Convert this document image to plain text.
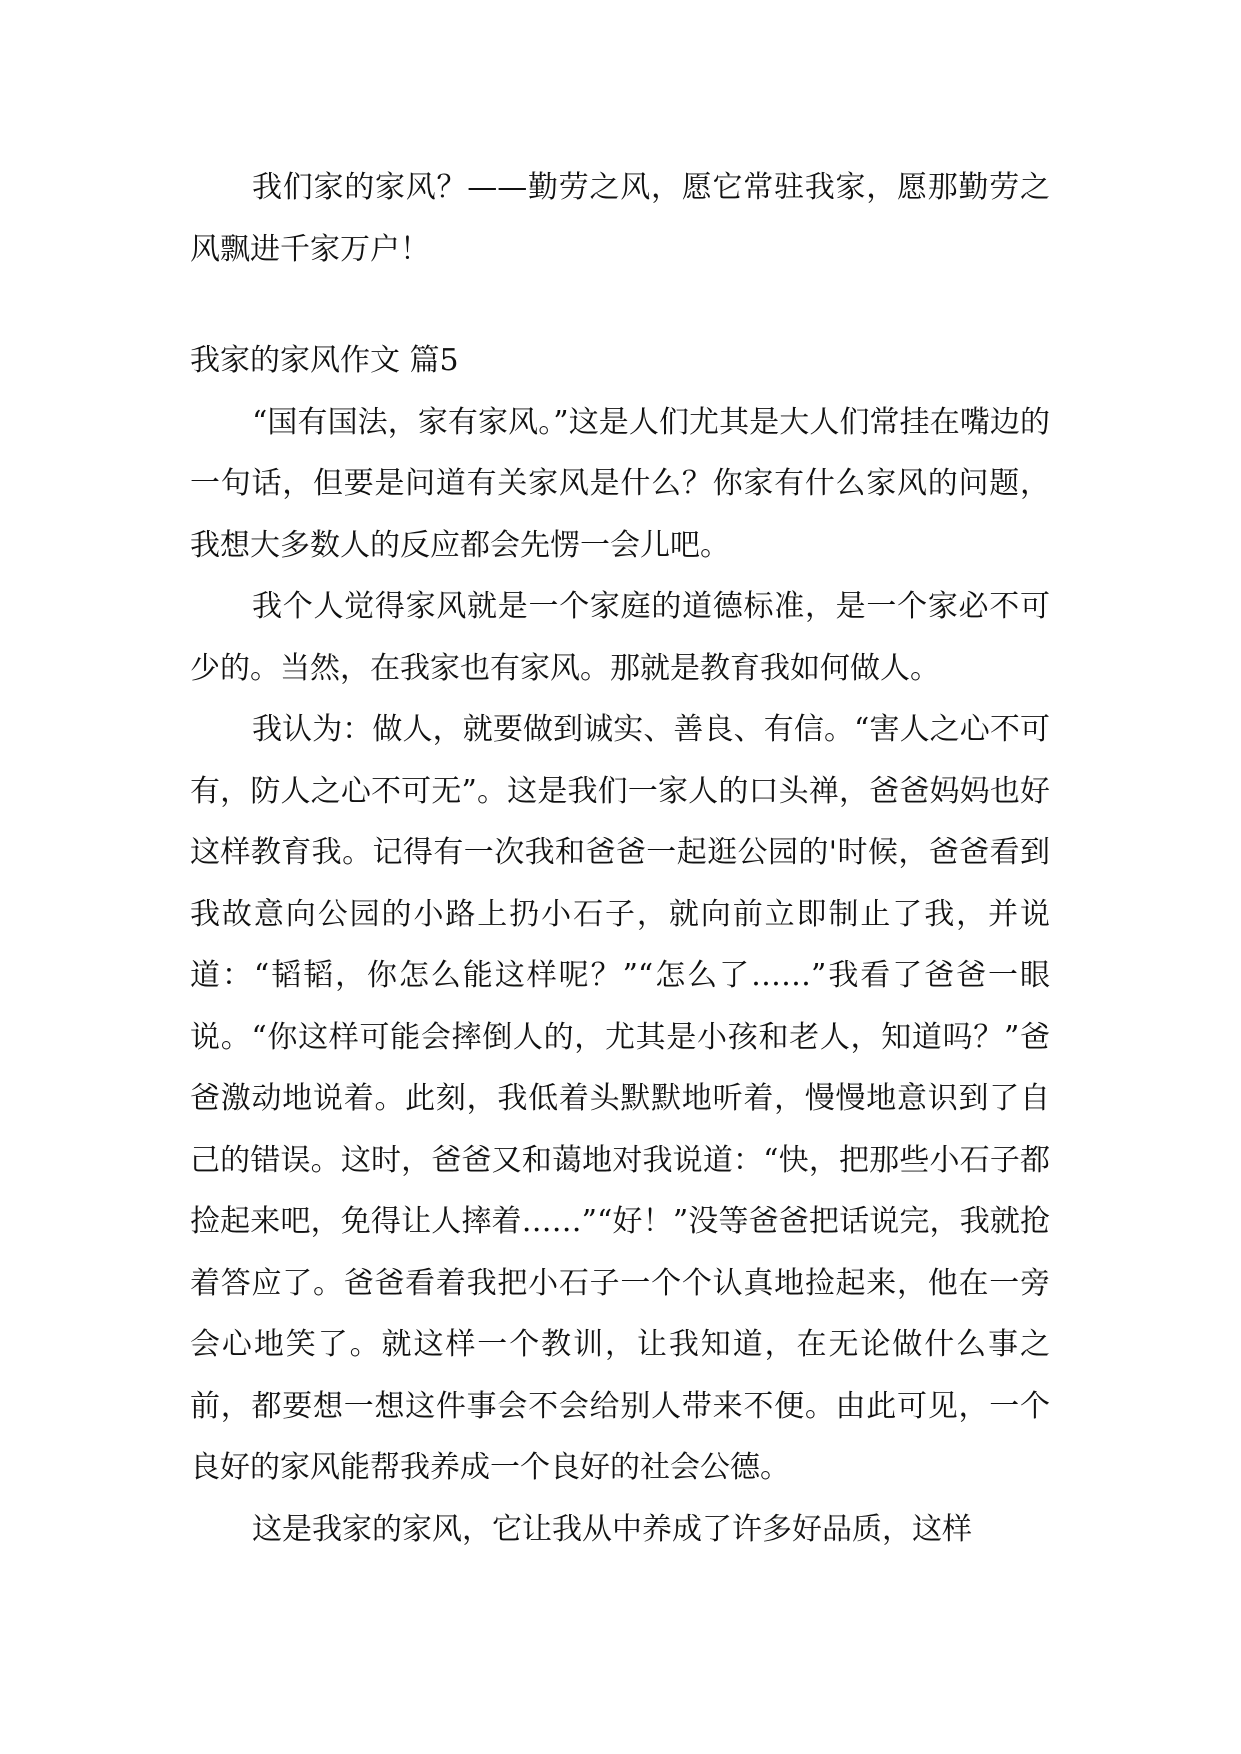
我们家的家风？——勤劳之风，愿它常驻我家，愿那勤劳之风飘进千家万户！

我家的家风作文 篇5

“国有国法，家有家风。”这是人们尤其是大人们常挂在嘴边的一句话，但要是问道有关家风是什么？你家有什么家风的问题，我想大多数人的反应都会先愣一会儿吧。

我个人觉得家风就是一个家庭的道德标准，是一个家必不可少的。当然，在我家也有家风。那就是教育我如何做人。

我认为：做人，就要做到诚实、善良、有信。“害人之心不可有，防人之心不可无”。这是我们一家人的口头禅，爸爸妈妈也好这样教育我。记得有一次我和爸爸一起逛公园的'时候，爸爸看到我故意向公园的小路上扔小石子，就向前立即制止了我，并说道：“韬韬，你怎么能这样呢？”“怎么了……”我看了爸爸一眼说。“你这样可能会摔倒人的，尤其是小孩和老人，知道吗？”爸爸激动地说着。此刻，我低着头默默地听着，慢慢地意识到了自己的错误。这时，爸爸又和蔼地对我说道：“快，把那些小石子都捡起来吧，免得让人摔着……”“好！”没等爸爸把话说完，我就抢着答应了。爸爸看着我把小石子一个个认真地捡起来，他在一旁会心地笑了。就这样一个教训，让我知道，在无论做什么事之前，都要想一想这件事会不会给别人带来不便。由此可见，一个良好的家风能帮我养成一个良好的社会公德。

这是我家的家风，它让我从中养成了许多好品质，这样
